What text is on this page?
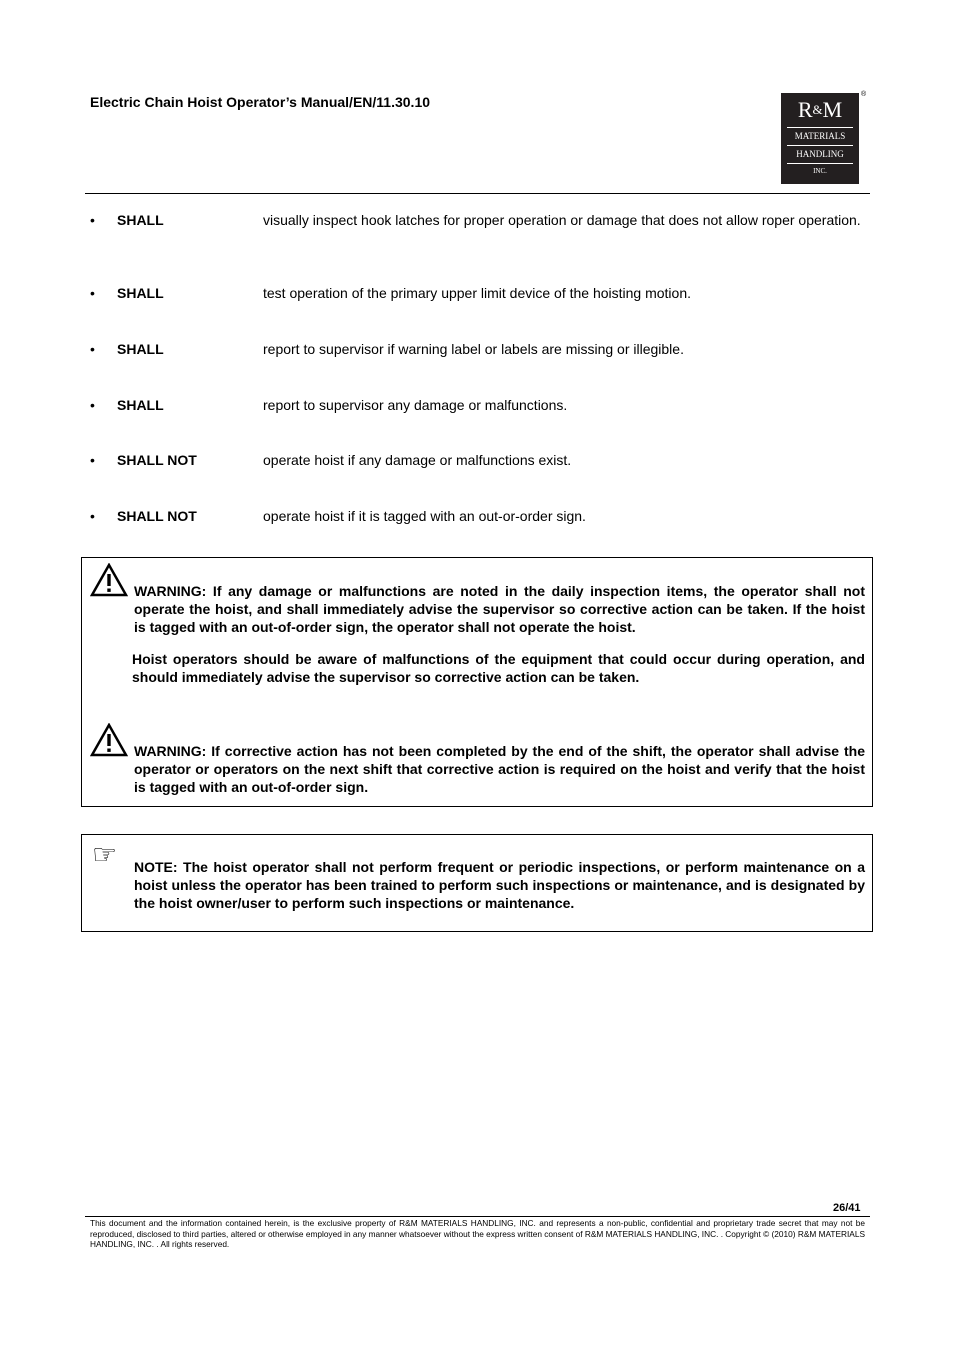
Electric Chain Hoist Operator’s Manual/EN/11.30.10	R&M
MATERIALS
HANDLING
INC.
®
• SHALL	visually inspect hook latches for proper operation or damage that does not allow roper operation.
• SHALL	test operation of the primary upper limit device of the hoisting motion.
• SHALL	report to supervisor if warning label or labels are missing or illegible.
• SHALL	report to supervisor any damage or malfunctions.
• SHALL NOT	operate hoist if any damage or malfunctions exist.
• SHALL NOT	operate hoist if it is tagged with an out-or-order sign.
WARNING: If any damage or malfunctions are noted in the daily inspection items, the operator shall not operate the hoist, and shall immediately advise the supervisor so corrective action can be taken. If the hoist is tagged with an out-of-order sign, the operator shall not operate the hoist.
Hoist operators should be aware of malfunctions of the equipment that could occur during operation, and should immediately advise the supervisor so corrective action can be taken.
WARNING: If corrective action has not been completed by the end of the shift, the operator shall advise the operator or operators on the next shift that corrective action is required on the hoist and verify that the hoist is tagged with an out-of-order sign.
☞ NOTE: The hoist operator shall not perform frequent or periodic inspections, or perform maintenance on a hoist unless the operator has been trained to perform such inspections or maintenance, and is designated by the hoist owner/user to perform such inspections or maintenance.
26/41
This document and the information contained herein, is the exclusive property of R&M MATERIALS HANDLING, INC. and represents a non-public, confidential and proprietary trade secret that may not be reproduced, disclosed to third parties, altered or otherwise employed in any manner whatsoever without the express written consent of R&M MATERIALS HANDLING, INC. . Copyright © (2010) R&M MATERIALS HANDLING, INC. . All rights reserved.
